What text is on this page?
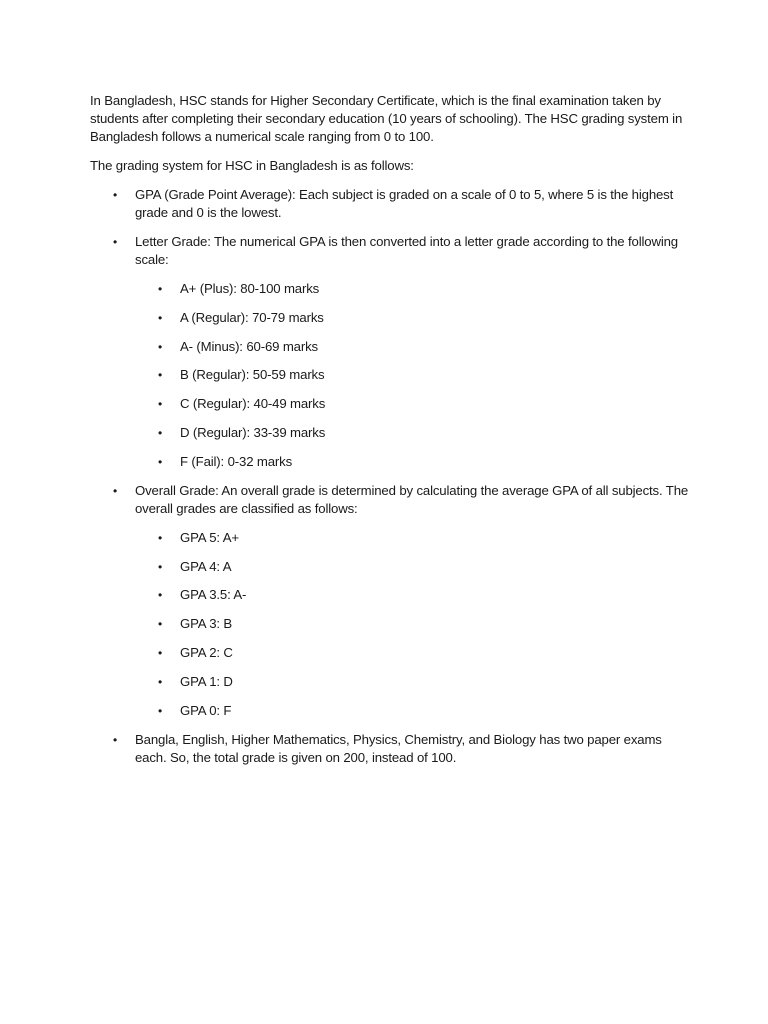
In Bangladesh, HSC stands for Higher Secondary Certificate, which is the final examination taken by students after completing their secondary education (10 years of schooling). The HSC grading system in Bangladesh follows a numerical scale ranging from 0 to 100.

The grading system for HSC in Bangladesh is as follows:

• GPA (Grade Point Average): Each subject is graded on a scale of 0 to 5, where 5 is the highest grade and 0 is the lowest.
• Letter Grade: The numerical GPA is then converted into a letter grade according to the following scale:
• A+ (Plus): 80-100 marks
• A (Regular): 70-79 marks
• A- (Minus): 60-69 marks
• B (Regular): 50-59 marks
• C (Regular): 40-49 marks
• D (Regular): 33-39 marks
• F (Fail): 0-32 marks
• Overall Grade: An overall grade is determined by calculating the average GPA of all subjects. The overall grades are classified as follows:
• GPA 5: A+
• GPA 4: A
• GPA 3.5: A-
• GPA 3: B
• GPA 2: C
• GPA 1: D
• GPA 0: F
• Bangla, English, Higher Mathematics, Physics, Chemistry, and Biology has two paper exams each. So, the total grade is given on 200, instead of 100.
